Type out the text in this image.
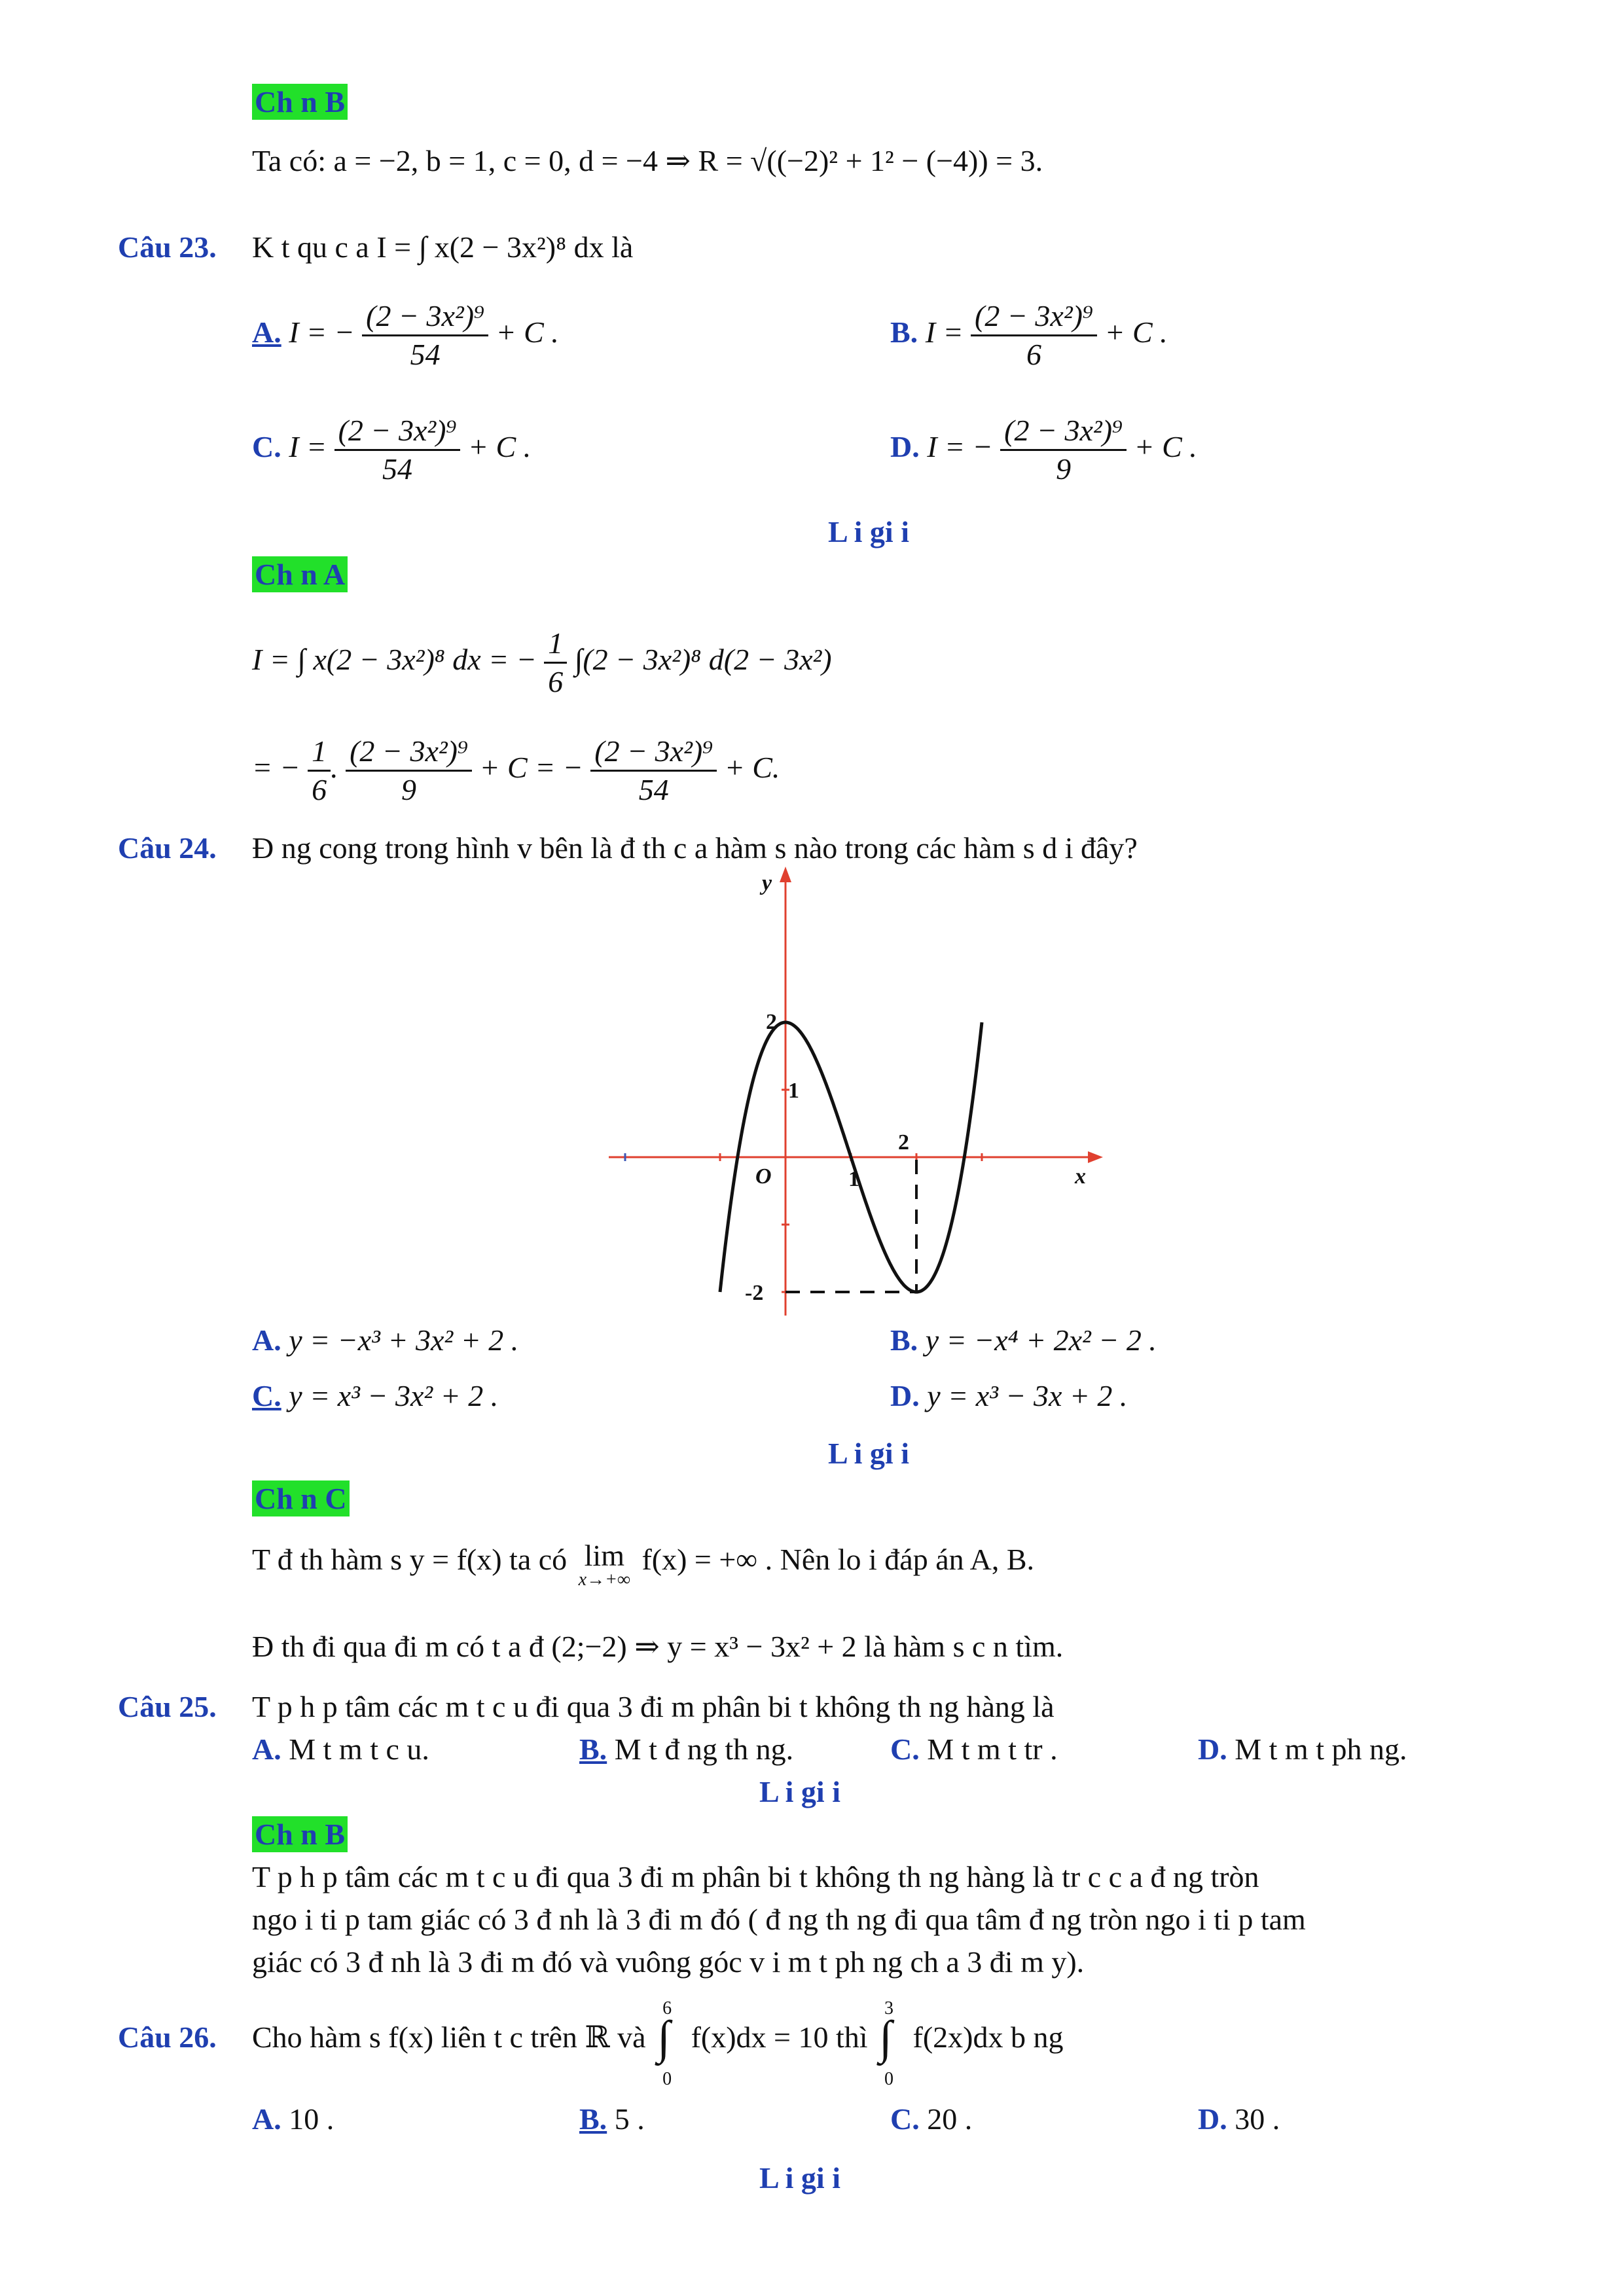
Ch n B
Ta có: a = −2, b = 1, c = 0, d = −4 ⇒ R = √((−2)² + 1² − (−4)) = 3.
Câu 23. K t qu c a I = ∫ x(2 − 3x²)⁸ dx là
A. I = − $\frac{\text{(2 − 3x²)⁹}}{54} + C$ .	B. $I = \frac{\text{(2 − 3x²)⁹}}{6} + C$ .
C. $I = \frac{\text{(2 − 3x²)⁹}}{54} + C$ .	D. I = − $\frac{\text{(2 − 3x²)⁹}}{9} + C$ .
L i gi i
Ch n A
I = ∫ x(2 − 3x²)⁸ dx = − $\frac{1}{6} \int(2 - 3x^2)^8$ d(2 − 3x²)
= − $\frac{1}{6}$ . $\frac{\text{(2 − 3x²)⁹}}{9} + C$ = − $\frac{\text{(2 − 3x²)⁹}}{54} + C$.
Câu 24. Đ ng cong trong hình v bên là đ th c a hàm s nào trong các hàm s d i đây?
y
x
O
2
1
-2
1
2
A. y = −x³ + 3x² + 2 .	B. y = −x⁴ + 2x² − 2 .
C. y = x³ − 3x² + 2 .	D. y = x³ − 3x + 2 .
L i gi i
Ch n C
T đ th hàm s y = f(x) ta có lim
x→+∞
f(x) = +∞ . Nên lo i đáp án A, B.
Đ th đi qua đi m có t a đ (2;−2) ⇒ y = x³ − 3x² + 2 là hàm s c n tìm.
Câu 25. T p h p tâm các m t c u đi qua 3 đi m phân bi t không th ng hàng là
A. M t m t c u.	B. M t đ ng th ng.	C. M t m t tr .	D. M t m t ph ng.
L i gi i
Ch n B
T p h p tâm các m t c u đi qua 3 đi m phân bi t không th ng hàng là tr c c a đ ng tròn
ngo i ti p tam giác có 3 đ nh là 3 đi m đó ( đ ng th ng đi qua tâm đ ng tròn ngo i ti p tam
giác có 3 đ nh là 3 đi m đó và vuông góc v i m t ph ng ch a 3 đi m y).
Câu 26. Cho hàm s f(x) liên t c trên ℝ và
6
∫
0
f(x)dx = 10 thì
3
∫
0
f(2x)dx b ng
A. 10 .	B. 5 .	C. 20 .	D. 30 .
L i gi i
